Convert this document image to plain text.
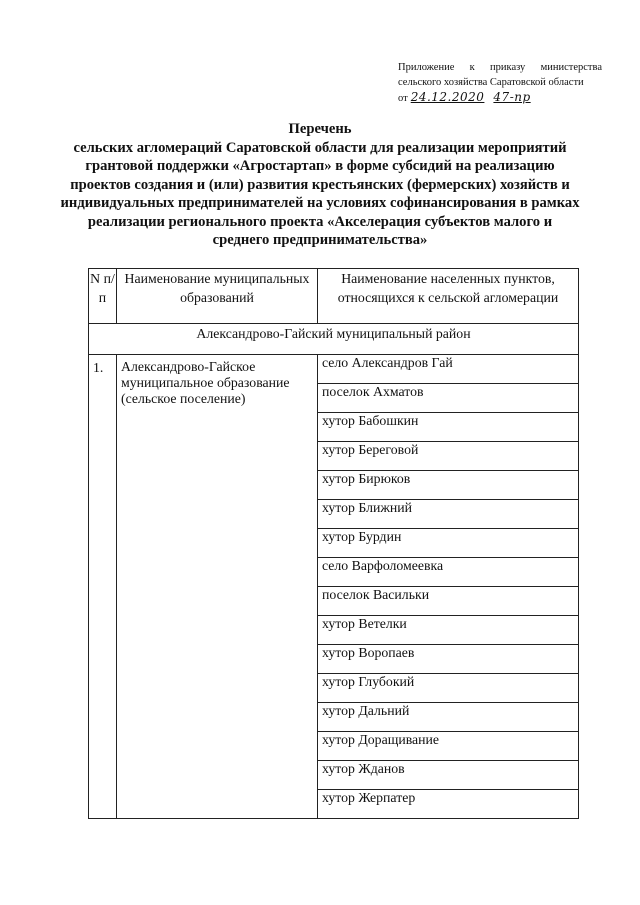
Приложение к приказу министерства
сельского хозяйства Саратовской области
от 24.12.2020 47-пр
Перечень
сельских агломераций Саратовской области для реализации мероприятий грантовой поддержки «Агростартап» в форме субсидий на реализацию проектов создания и (или) развития крестьянских (фермерских) хозяйств и индивидуальных предпринимателей на условиях софинансирования в рамках реализации регионального проекта «Акселерация субъектов малого и среднего предпринимательства»
N п/ п	Наименование муниципальных образований	Наименование населенных пунктов, относящихся к сельской агломерации
Александрово-Гайский муниципальный район		
1.	Александрово-Гайское муниципальное образование (сельское поселение)	село Александров Гай
		поселок Ахматов
		хутор Бабошкин
		хутор Береговой
		хутор Бирюков
		хутор Ближний
		хутор Бурдин
		село Варфоломеевка
		поселок Васильки
		хутор Ветелки
		хутор Воропаев
		хутор Глубокий
		хутор Дальний
		хутор Доращивание
		хутор Жданов
		хутор Жерпатер
